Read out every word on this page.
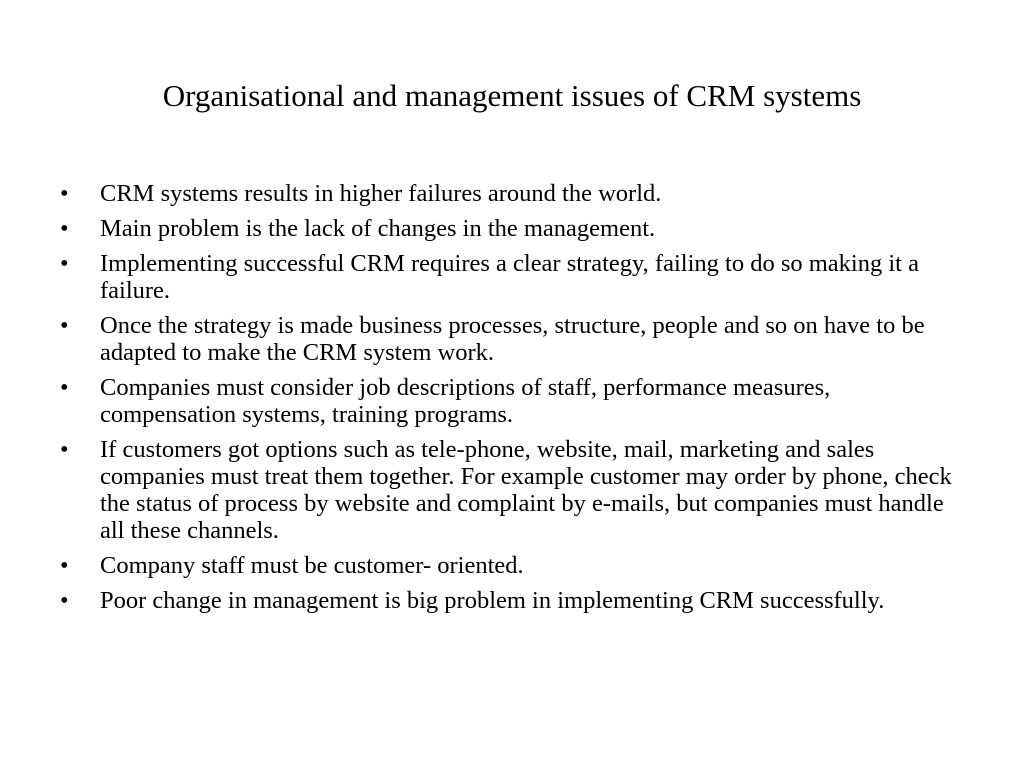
Organisational and management issues of CRM systems
•	CRM systems results in higher failures around the world.
•	Main problem is the lack of changes in the management.
•	Implementing successful CRM requires a clear strategy, failing to do so making it a failure.
•	Once the strategy is made business processes, structure, people and so on have to be adapted to make the CRM system work.
•	Companies must consider job descriptions of staff, performance measures, compensation systems, training programs.
•	If customers got options such as tele-phone, website, mail, marketing and sales companies must treat them together. For example customer may order by phone, check the status of process by website and complaint by e-mails, but companies must handle all these channels.
•	Company staff must be customer- oriented.
•	Poor change in management is big problem in implementing CRM successfully.
